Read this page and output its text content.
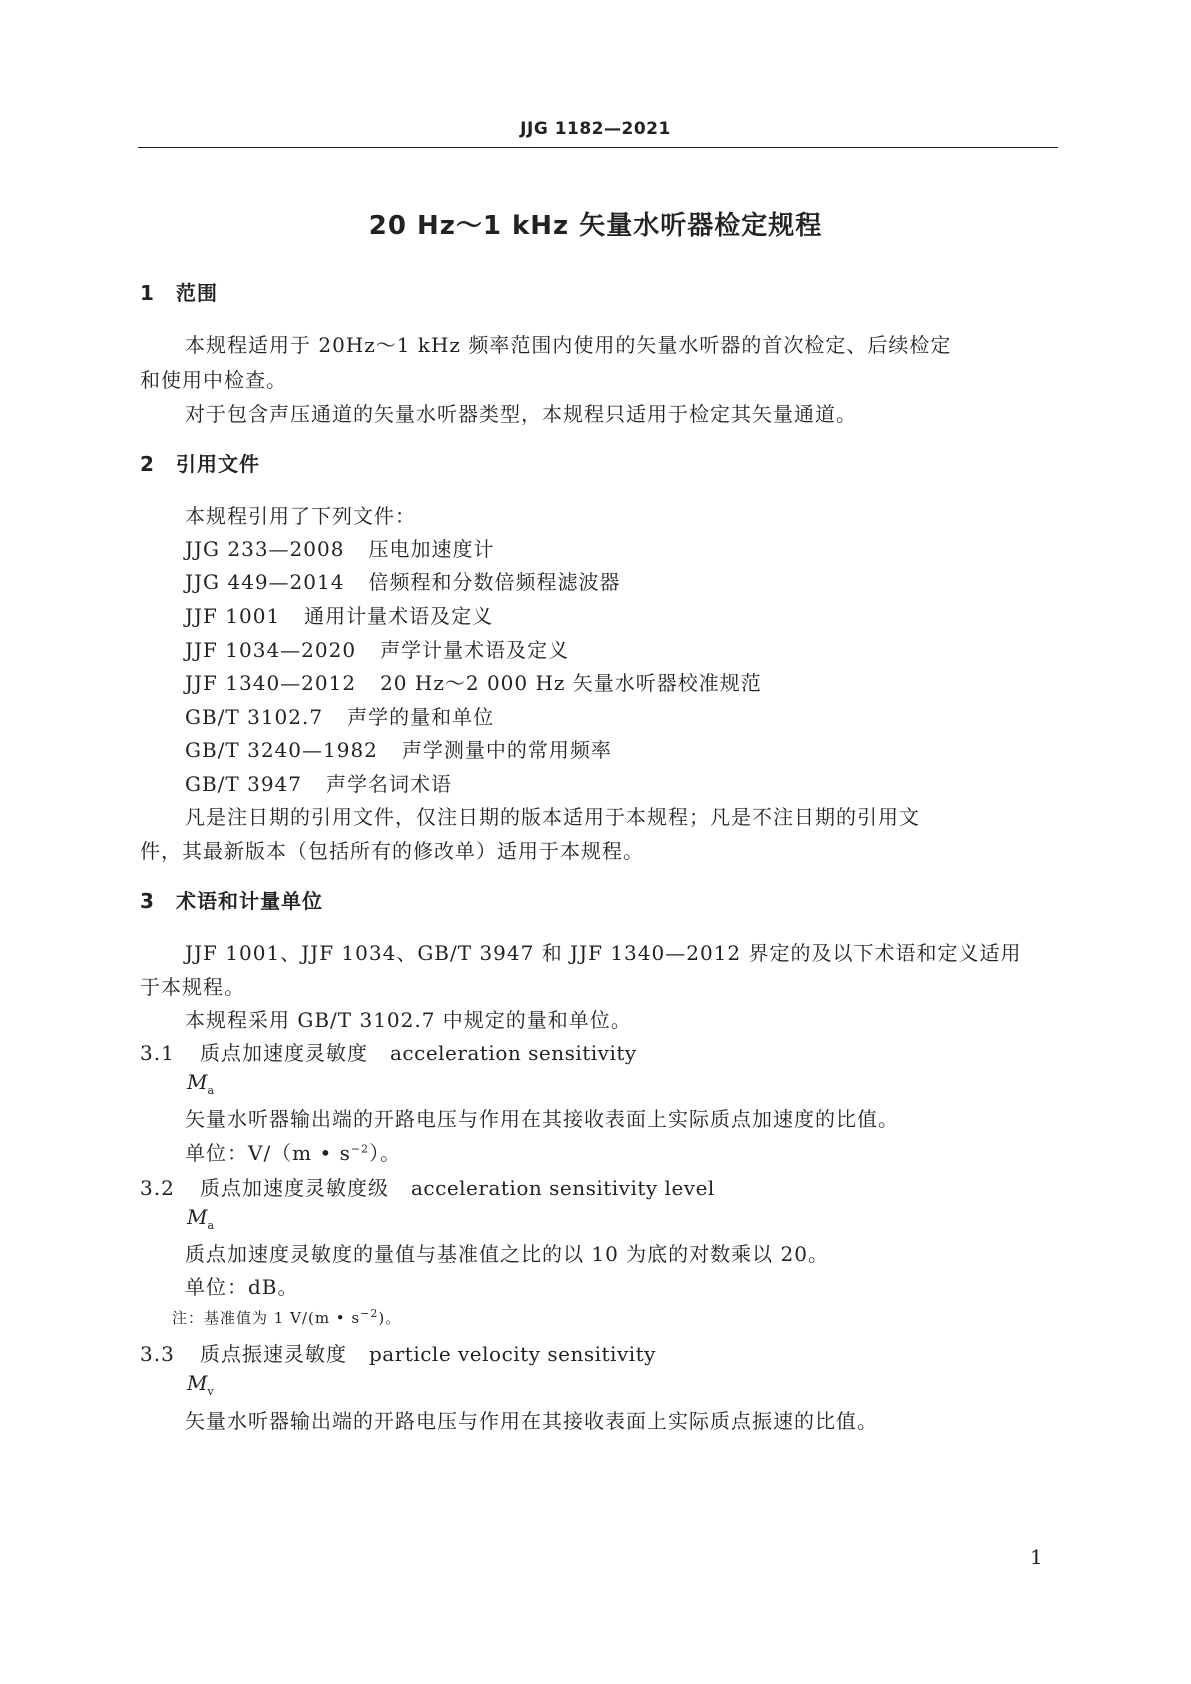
JJG 1182—2021
20 Hz～1 kHz 矢量水听器检定规程
1 范围
本规程适用于 20Hz～1 kHz 频率范围内使用的矢量水听器的首次检定、后续检定
和使用中检查。
对于包含声压通道的矢量水听器类型，本规程只适用于检定其矢量通道。
2 引用文件
本规程引用了下列文件：
JJG 233—2008 压电加速度计
JJG 449—2014 倍频程和分数倍频程滤波器
JJF 1001 通用计量术语及定义
JJF 1034—2020 声学计量术语及定义
JJF 1340—2012 20 Hz～2 000 Hz 矢量水听器校准规范
GB/T 3102.7 声学的量和单位
GB/T 3240—1982 声学测量中的常用频率
GB/T 3947 声学名词术语
凡是注日期的引用文件，仅注日期的版本适用于本规程；凡是不注日期的引用文
件，其最新版本（包括所有的修改单）适用于本规程。
3 术语和计量单位
JJF 1001、JJF 1034、GB/T 3947 和 JJF 1340—2012 界定的及以下术语和定义适用
于本规程。
本规程采用 GB/T 3102.7 中规定的量和单位。
3.1 质点加速度灵敏度 acceleration sensitivity
$M_a$
矢量水听器输出端的开路电压与作用在其接收表面上实际质点加速度的比值。
单位：V/（m • $s^{-2}$）。
3.2 质点加速度灵敏度级 acceleration sensitivity level
$M_a$
质点加速度灵敏度的量值与基准值之比的以 10 为底的对数乘以 20。
单位：dB。
注：基准值为 1 V/(m • $s^{-2}$)。
3.3 质点振速灵敏度 particle velocity sensitivity
$M_v$
矢量水听器输出端的开路电压与作用在其接收表面上实际质点振速的比值。
1
